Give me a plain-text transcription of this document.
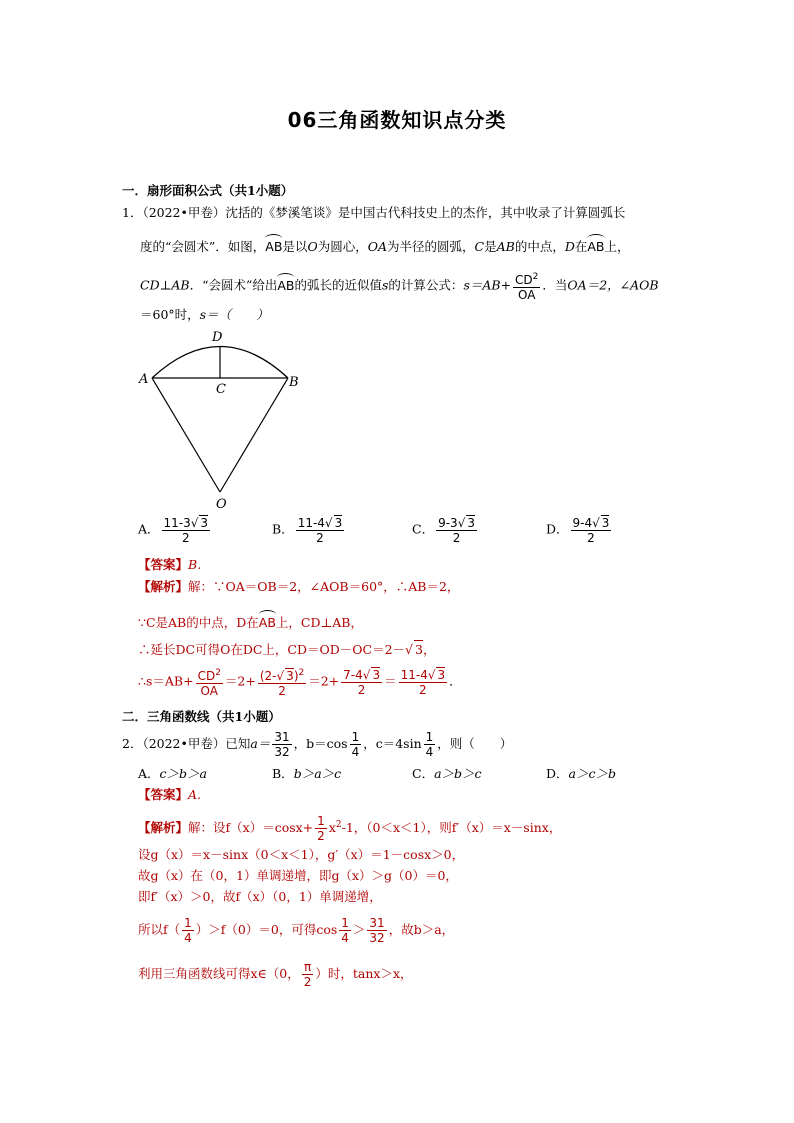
06三角函数知识点分类
一．扇形面积公式（共1小题）
1．（2022•甲卷）沈括的《梦溪笔谈》是中国古代科技史上的杰作，其中收录了计算圆弧长
度的“会圆术”．如图，AB是以O为圆心，OA为半径的圆弧，C是AB的中点，D在AB上，
CD⊥AB．“会圆术”给出AB的弧长的近似值s的计算公式：$s=AB+ \frac{CD^2}{OA}$ ．当OA＝2，∠AOB
＝60°时，s＝（　　）
A	B
C
D
O
A． $\frac{11-3√ 3}{2}$	B． $\frac{11-4√ 3}{2}$	C． $\frac{9-3√ 3}{2}$	D． $\frac{9-4√ 3}{2}$
【答案】B.
【解析】解：∵OA＝OB＝2，∠AOB＝60°，∴AB＝2，
∵C是AB的中点，D在AB上，CD⊥AB，
∴延长DC可得O在DC上，CD＝OD－OC＝2－√ 3，
∴s＝AB+ $\frac{CD^2}{OA} =2+ \frac{(2-√ 3)^2}{2} =2+ \frac{7-4√ 3}{2} = \frac{11-4√ 3}{2}$ ．
二．三角函数线（共1小题）
2．（2022•甲卷）已知$a= \frac{31}{32}$ ，$b=\cos \frac{1}{4}$ ，$c=4\sin \frac{1}{4}$ ，则（　　）
A．c＞b＞a	B．b＞a＞c	C．a＞b＞c	D．a＞c＞b
【答案】A.
【解析】解：设$f(x)=\cos x+ \frac{1}{2} x^2-1$，（0＜x＜1），则f′（x）＝x－sinx，
设g（x）＝x－sinx（0＜x＜1），g′（x）＝1－cosx＞0，
故g（x）在（0，1）单调递增，即g（x）＞g（0）＝0，
即f′（x）＞0，故f（x）（0，1）单调递增，
所以$f( \frac{1}{4} )>f(0)=0$，可得$\cos \frac{1}{4} > \frac{31}{32}$ ，故b＞a，
利用三角函数线可得x∈（0， $\frac{\pi}{2}$ ）时，tanx＞x，
